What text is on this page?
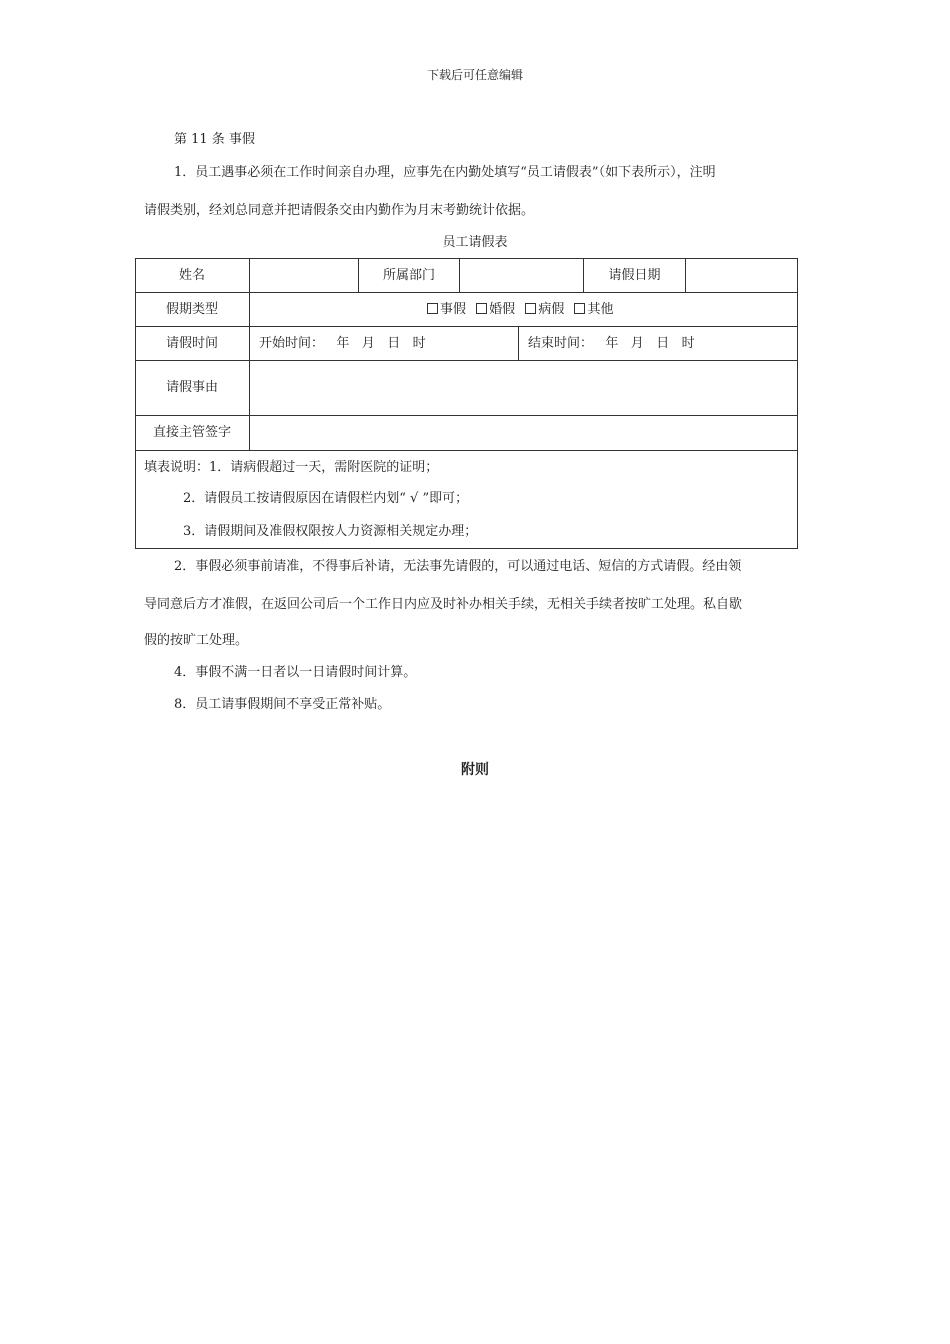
下载后可任意编辑
第 11 条 事假
1．员工遇事必须在工作时间亲自办理，应事先在内勤处填写“员工请假表”（如下表所示），注明
请假类别，经刘总同意并把请假条交由内勤作为月末考勤统计依据。
员工请假表
姓名	所属部门	请假日期
假期类型	事假 婚假 病假 其他
请假时间	开始时间：   年   月   日   时	结束时间：   年   月   日   时
请假事由
直接主管签字
填表说明：1．请病假超过一天，需附医院的证明；
2．请假员工按请假原因在请假栏内划“ √ ”即可；
3．请假期间及准假权限按人力资源相关规定办理；
2．事假必须事前请准，不得事后补请，无法事先请假的，可以通过电话、短信的方式请假。经由领
导同意后方才准假，在返回公司后一个工作日内应及时补办相关手续，无相关手续者按旷工处理。私自歇
假的按旷工处理。
4．事假不满一日者以一日请假时间计算。
8．员工请事假期间不享受正常补贴。
附则
